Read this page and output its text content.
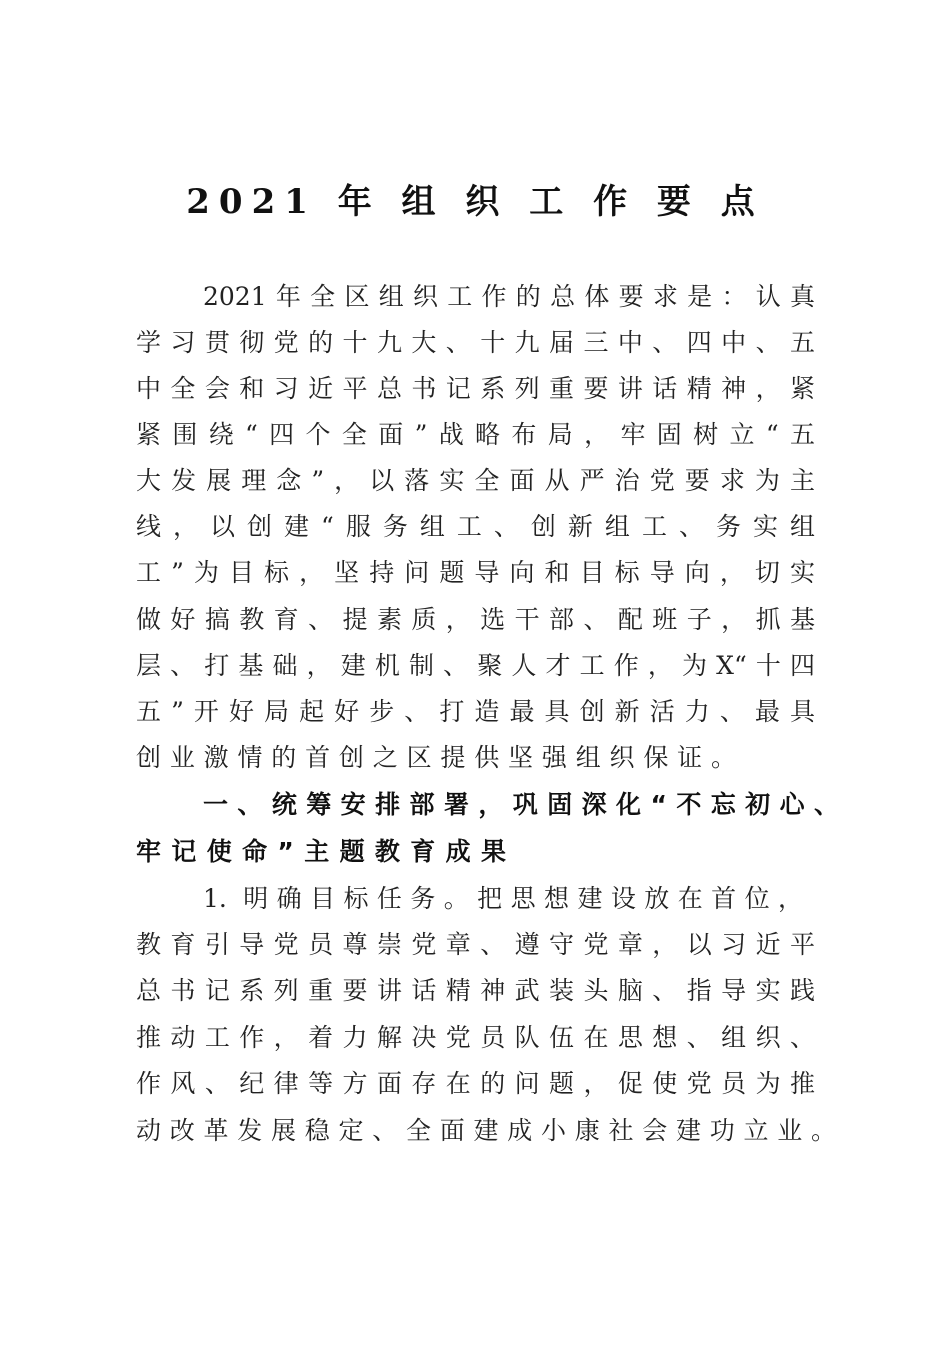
2021 年 组 织 工 作 要 点
2021年全区组织工作的总体要求是：认真
学习贯彻党的十九大、十九届三中、四中、五
中全会和习近平总书记系列重要讲话精神，紧
紧围绕“四个全面”战略布局，牢固树立“五
大发展理念”，以落实全面从严治党要求为主
线，以创建“服务组工、创新组工、务实组
工”为目标，坚持问题导向和目标导向，切实
做好搞教育、提素质，选干部、配班子，抓基
层、打基础，建机制、聚人才工作，为X“十四
五”开好局起好步、打造最具创新活力、最具
创业激情的首创之区提供坚强组织保证。
一、统筹安排部署，巩固深化“不忘初心、
牢记使命”主题教育成果
1. 明确目标任务。把思想建设放在首位，
教育引导党员尊崇党章、遵守党章，以习近平
总书记系列重要讲话精神武装头脑、指导实践
推动工作，着力解决党员队伍在思想、组织、
作风、纪律等方面存在的问题，促使党员为推
动改革发展稳定、全面建成小康社会建功立业。
